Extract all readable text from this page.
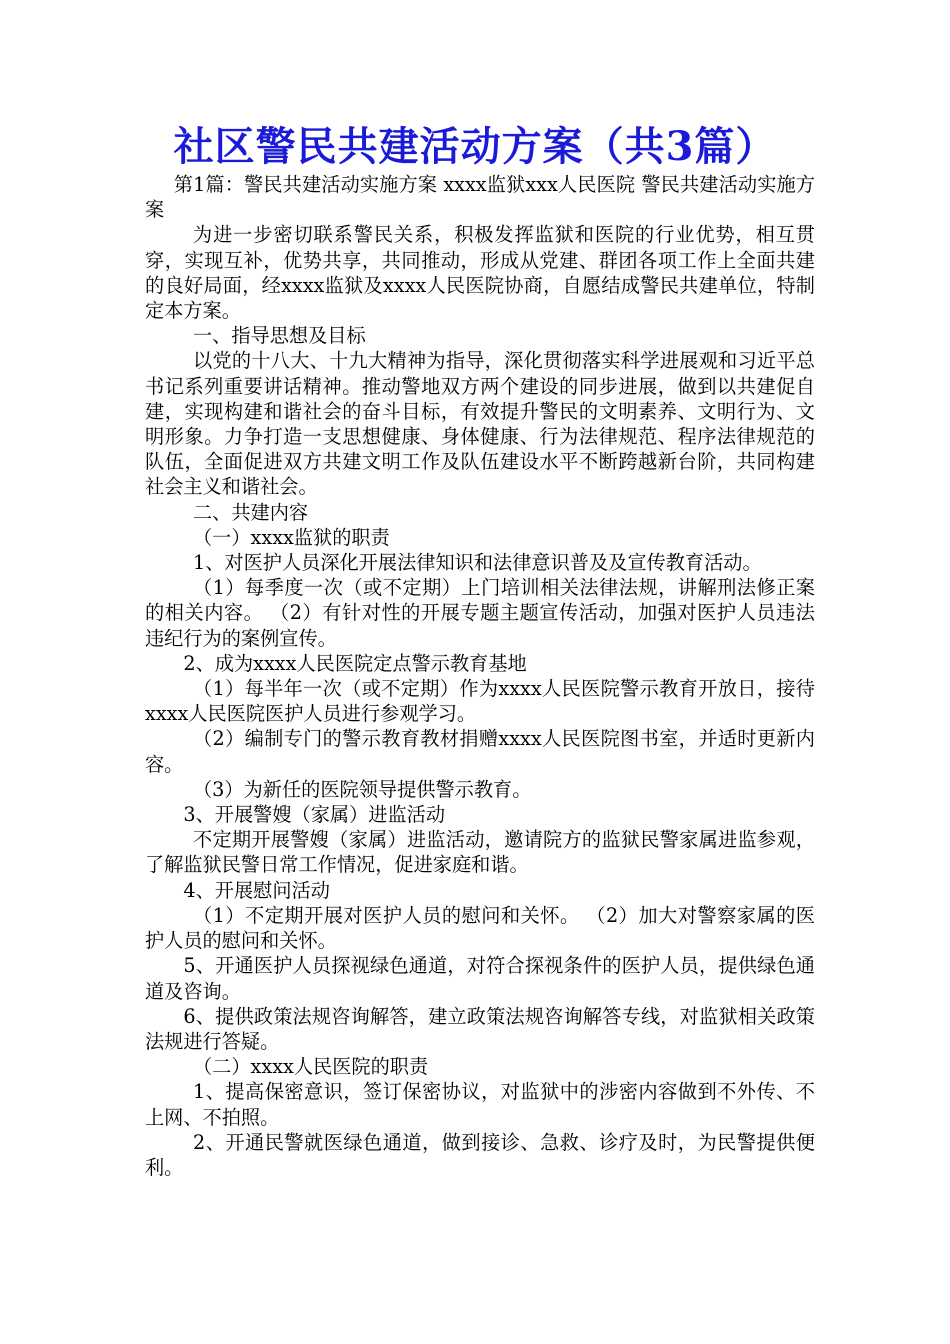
社区警民共建活动方案（共3篇）

第1篇：警民共建活动实施方案 xxxx监狱xxx人民医院 警民共建活动实施方案

为进一步密切联系警民关系，积极发挥监狱和医院的行业优势，相互贯穿，实现互补，优势共享，共同推动，形成从党建、群团各项工作上全面共建的良好局面，经xxxx监狱及xxxx人民医院协商，自愿结成警民共建单位，特制定本方案。

一、指导思想及目标

以党的十八大、十九大精神为指导，深化贯彻落实科学进展观和习近平总书记系列重要讲话精神。推动警地双方两个建设的同步进展，做到以共建促自建，实现构建和谐社会的奋斗目标，有效提升警民的文明素养、文明行为、文明形象。力争打造一支思想健康、身体健康、行为法律规范、程序法律规范的队伍，全面促进双方共建文明工作及队伍建设水平不断跨越新台阶，共同构建社会主义和谐社会。

二、共建内容

（一）xxxx监狱的职责

1、对医护人员深化开展法律知识和法律意识普及及宣传教育活动。

（1）每季度一次（或不定期）上门培训相关法律法规，讲解刑法修正案的相关内容。 （2）有针对性的开展专题主题宣传活动，加强对医护人员违法违纪行为的案例宣传。

2、成为xxxx人民医院定点警示教育基地

（1）每半年一次（或不定期）作为xxxx人民医院警示教育开放日，接待xxxx人民医院医护人员进行参观学习。

（2）编制专门的警示教育教材捐赠xxxx人民医院图书室，并适时更新内容。

（3）为新任的医院领导提供警示教育。

3、开展警嫂（家属）进监活动

不定期开展警嫂（家属）进监活动，邀请院方的监狱民警家属进监参观，了解监狱民警日常工作情况，促进家庭和谐。

4、开展慰问活动

（1）不定期开展对医护人员的慰问和关怀。 （2）加大对警察家属的医护人员的慰问和关怀。

5、开通医护人员探视绿色通道，对符合探视条件的医护人员，提供绿色通道及咨询。

6、提供政策法规咨询解答，建立政策法规咨询解答专线，对监狱相关政策法规进行答疑。

（二）xxxx人民医院的职责

1、提高保密意识，签订保密协议，对监狱中的涉密内容做到不外传、不上网、不拍照。

2、开通民警就医绿色通道，做到接诊、急救、诊疗及时，为民警提供便利。
